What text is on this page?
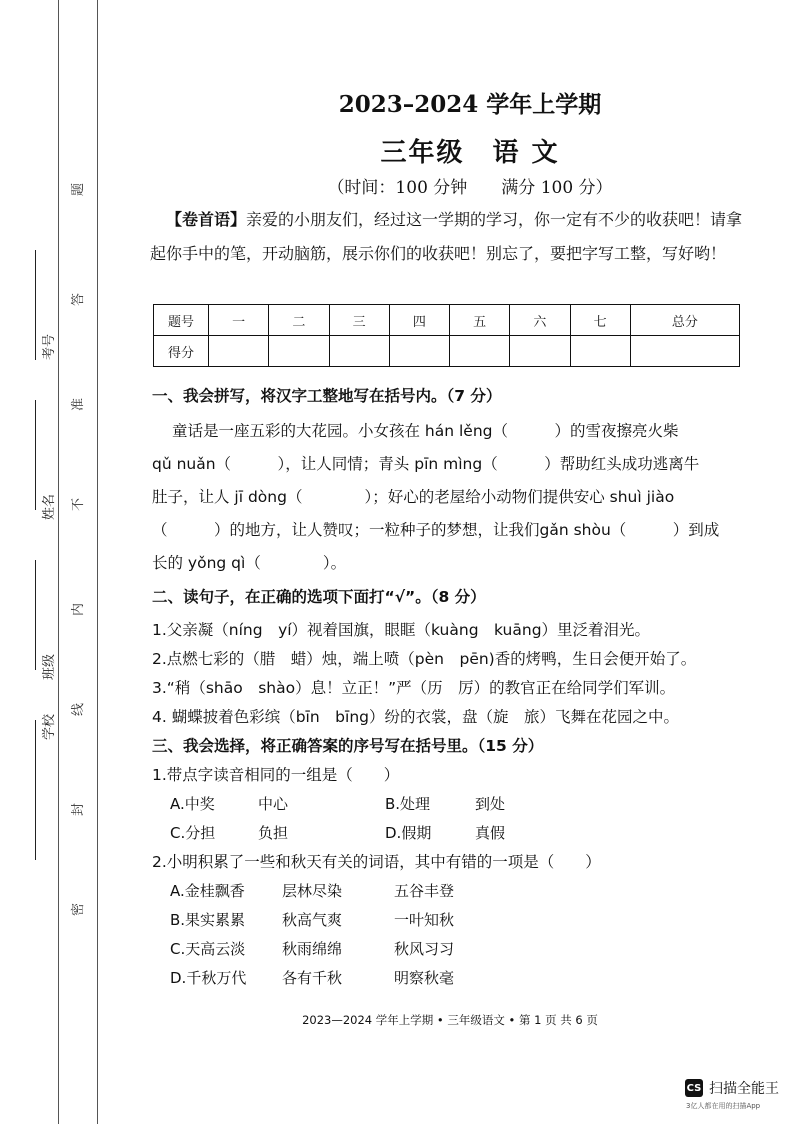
题
答
准
不
内
线
封
密
考号
姓名
班级
学校
2023–2024 学年上学期
三年级　语 文
（时间：100 分钟　　满分 100 分）
【卷首语】亲爱的小朋友们，经过这一学期的学习，你一定有不少的收获吧！请拿起你手中的笔，开动脑筋，展示你们的收获吧！别忘了，要把字写工整，写好哟！
题号	一	二	三	四	五	六	七	总分
得分								
一、我会拼写，将汉字工整地写在括号内。（7 分）
童话是一座五彩的大花园。小女孩在 hán lěng（　　　）的雪夜擦亮火柴
qǔ nuǎn（　　　），让人同情；青头 pīn mìng（　　　）帮助红头成功逃离牛
肚子，让人 jī dòng（　　　　）；好心的老屋给小动物们提供安心 shuì jiào
（　　　）的地方，让人赞叹；一粒种子的梦想，让我们gǎn shòu（　　　）到成
长的 yǒng qì（　　　　）。
二、读句子，在正确的选项下面打“√”。（8 分）
1.父亲凝（níng　yí）视着国旗，眼眶（kuàng　kuāng）里泛着泪光。
2.点燃七彩的（腊　蜡）烛，端上喷（pèn　pēn)香的烤鸭，生日会便开始了。
3.“稍（shāo　shào）息！立正！”严（历　厉）的教官正在给同学们军训。
4. 蝴蝶披着色彩缤（bīn　bīng）纷的衣裳，盘（旋　旅）飞舞在花园之中。
三、我会选择，将正确答案的序号写在括号里。（15 分）
1.带点字读音相同的一组是（　　）
A.中奖	中心	B.处理	到处
C.分担	负担	D.假期	真假
2.小明积累了一些和秋天有关的词语，其中有错的一项是（　　）
A.金桂飘香 层林尽染	五谷丰登
B.果实累累 秋高气爽	一叶知秋
C.天高云淡 秋雨绵绵	秋风习习
D.千秋万代 各有千秋	明察秋毫
2023—2024 学年上学期 • 三年级语文 • 第 1 页 共 6 页
CS 扫描全能王
3亿人都在用的扫描App
